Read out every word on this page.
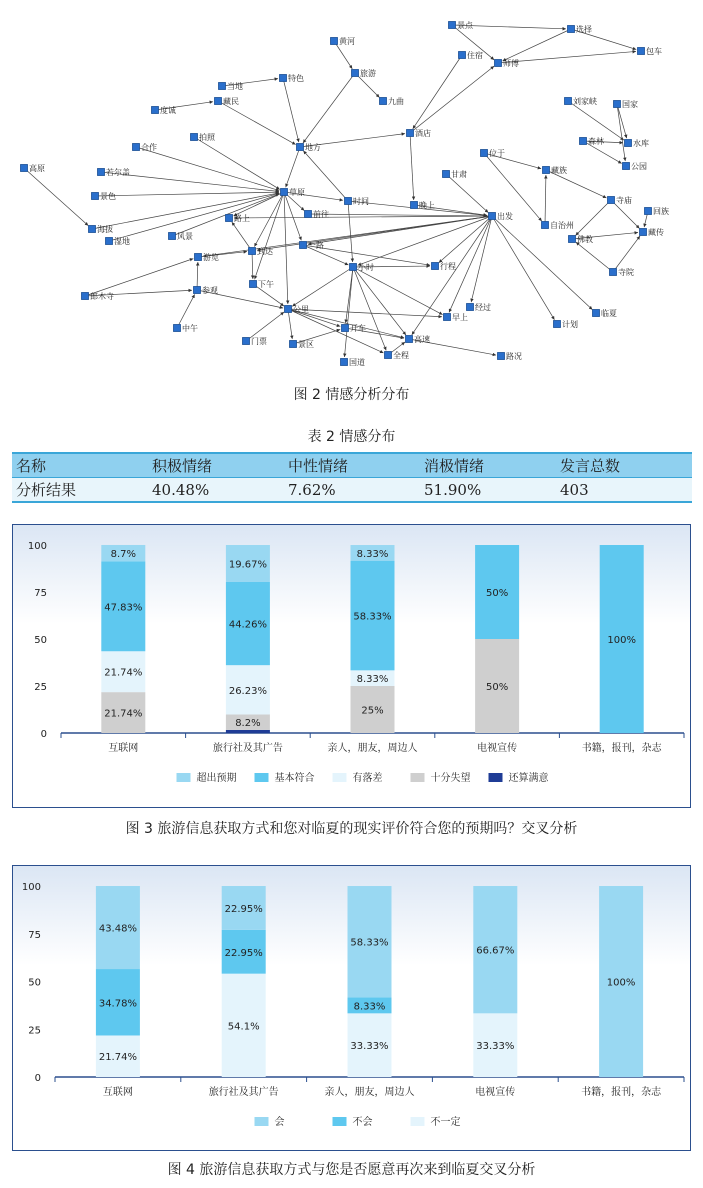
景点	选择
包车
黄河
住宿
师傅
旅游
当地
特色
藏民	九曲
度诚
刘家峡	国家
拍照
合作	地方
酒店
森林	水库
高原	若尔盖
位于
公园
甘肃	藏族
景色	草原
时间	晚上
寺庙
海拔
前往	出发
回族
路上
自治州
湿地
风景	佛教
藏传
一路
到达
游览
小时	行程
寺院
郎木寺
参观
下午
公里	经过
临夏
早上
计划
中午	开车
门票	景区
高速
全程	路况
国道
图 2 情感分析分布
表 2 情感分布
名称	积极情绪	中性情绪	消极情绪	发言总数
分析结果	40.48%	7.62%	51.90%	403
0
25
50
75
100
21.74%
21.74%
47.83%
8.7%
互联网
8.2%
26.23%
44.26%
19.67%
旅行社及其广告
25%
8.33%
58.33%
8.33%
亲人，朋友，周边人
50%
50%
电视宣传
100%
书籍，报刊，杂志
超出预期	基本符合	有落差	十分失望	还算满意
图 3 旅游信息获取方式和您对临夏的现实评价符合您的预期吗？交叉分析
0
25
50
75
100
21.74%
34.78%
43.48%
互联网
54.1%
22.95%
22.95%
旅行社及其广告
33.33%
8.33%
58.33%
亲人，朋友，周边人
33.33%
66.67%
电视宣传
100%
书籍，报刊，杂志
会	不会	不一定
图 4 旅游信息获取方式与您是否愿意再次来到临夏交叉分析
